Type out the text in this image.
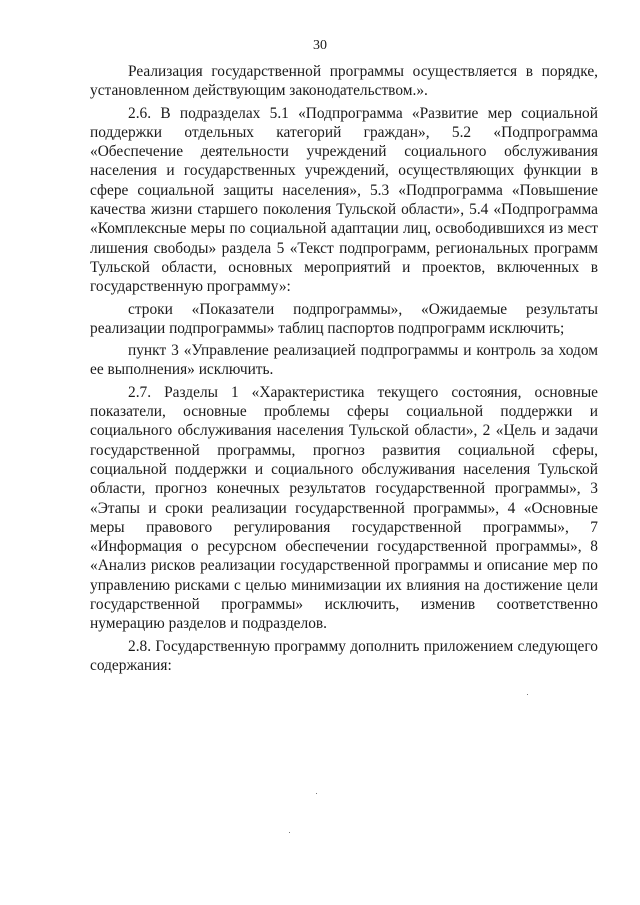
30

Реализация государственной программы осуществляется в порядке, установленном действующим законодательством.».

2.6. В подразделах 5.1 «Подпрограмма «Развитие мер социальной поддержки отдельных категорий граждан», 5.2 «Подпрограмма «Обеспечение деятельности учреждений социального обслуживания населения и государственных учреждений, осуществляющих функции в сфере социальной защиты населения», 5.3 «Подпрограмма «Повышение качества жизни старшего поколения Тульской области», 5.4 «Подпрограмма «Комплексные меры по социальной адаптации лиц, освободившихся из мест лишения свободы» раздела 5 «Текст подпрограмм, региональных программ Тульской области, основных мероприятий и проектов, включенных в государственную программу»:

строки «Показатели подпрограммы», «Ожидаемые результаты реализации подпрограммы» таблиц паспортов подпрограмм исключить;

пункт 3 «Управление реализацией подпрограммы и контроль за ходом ее выполнения» исключить.

2.7. Разделы 1 «Характеристика текущего состояния, основные показатели, основные проблемы сферы социальной поддержки и социального обслуживания населения Тульской области», 2 «Цель и задачи государственной программы, прогноз развития социальной сферы, социальной поддержки и социального обслуживания населения Тульской области, прогноз конечных результатов государственной программы», 3 «Этапы и сроки реализации государственной программы», 4 «Основные меры правового регулирования государственной программы», 7 «Информация о ресурсном обеспечении государственной программы», 8 «Анализ рисков реализации государственной программы и описание мер по управлению рисками с целью минимизации их влияния на достижение цели государственной программы» исключить, изменив соответственно нумерацию разделов и подразделов.

2.8. Государственную программу дополнить приложением следующего содержания:
